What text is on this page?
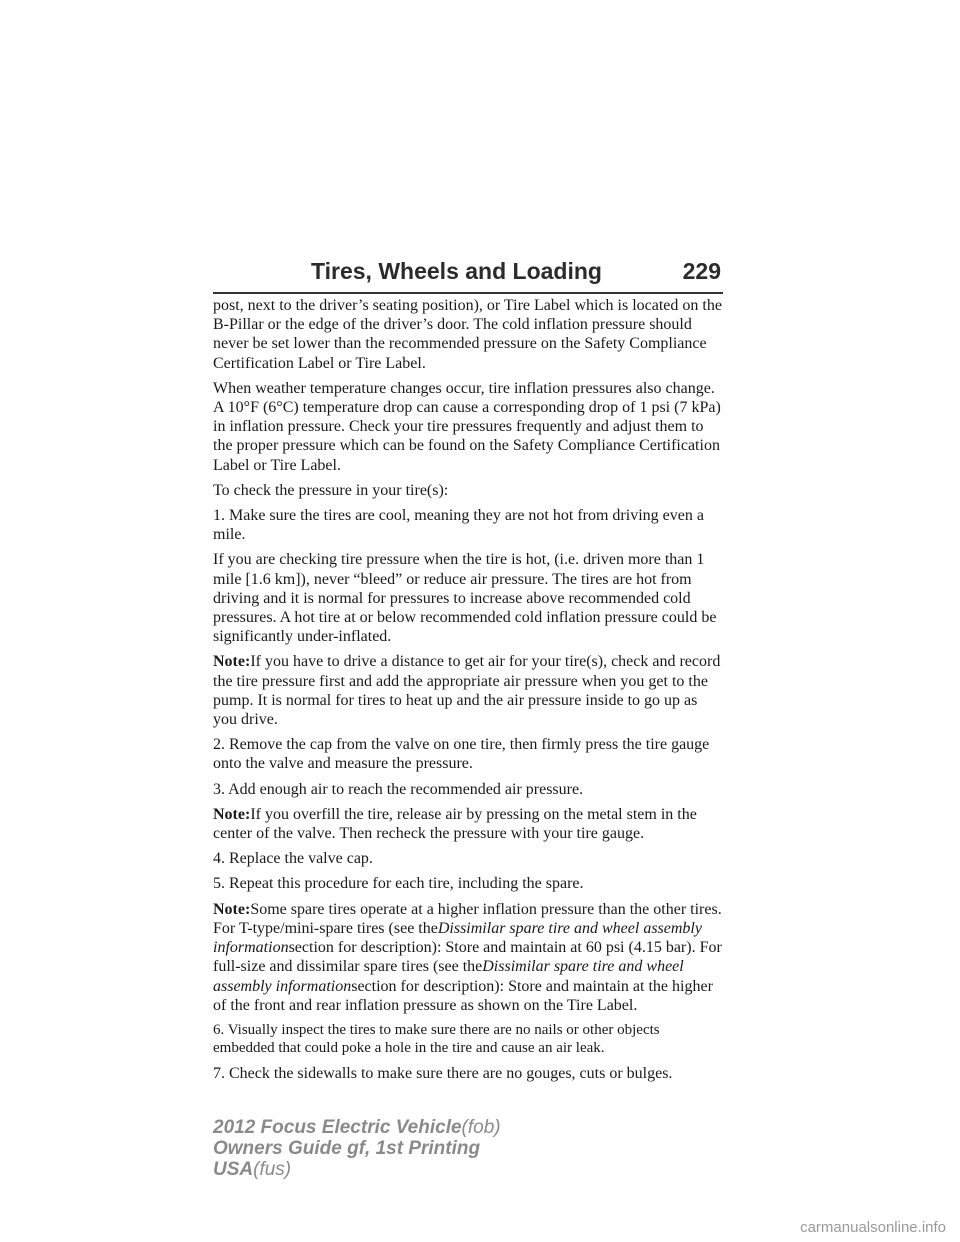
Tires, Wheels and Loading	229

post, next to the driver’s seating position), or Tire Label which is located on the B-Pillar or the edge of the driver’s door. The cold inflation pressure should never be set lower than the recommended pressure on the Safety Compliance Certification Label or Tire Label.

When weather temperature changes occur, tire inflation pressures also change. A 10°F (6°C) temperature drop can cause a corresponding drop of 1 psi (7 kPa) in inflation pressure. Check your tire pressures frequently and adjust them to the proper pressure which can be found on the Safety Compliance Certification Label or Tire Label.

To check the pressure in your tire(s):

1. Make sure the tires are cool, meaning they are not hot from driving even a mile.

If you are checking tire pressure when the tire is hot, (i.e. driven more than 1 mile [1.6 km]), never “bleed” or reduce air pressure. The tires are hot from driving and it is normal for pressures to increase above recommended cold pressures. A hot tire at or below recommended cold inflation pressure could be significantly under-inflated.

Note:If you have to drive a distance to get air for your tire(s), check and record the tire pressure first and add the appropriate air pressure when you get to the pump. It is normal for tires to heat up and the air pressure inside to go up as you drive.

2. Remove the cap from the valve on one tire, then firmly press the tire gauge onto the valve and measure the pressure.

3. Add enough air to reach the recommended air pressure.

Note:If you overfill the tire, release air by pressing on the metal stem in the center of the valve. Then recheck the pressure with your tire gauge.

4. Replace the valve cap.

5. Repeat this procedure for each tire, including the spare.

Note:Some spare tires operate at a higher inflation pressure than the other tires. For T-type/mini-spare tires (see theDissimilar spare tire and wheel assembly informationsection for description): Store and maintain at 60 psi (4.15 bar). For full-size and dissimilar spare tires (see theDissimilar spare tire and wheel assembly informationsection for description): Store and maintain at the higher of the front and rear inflation pressure as shown on the Tire Label.

6. Visually inspect the tires to make sure there are no nails or other objects embedded that could poke a hole in the tire and cause an air leak.

7. Check the sidewalls to make sure there are no gouges, cuts or bulges.

2012 Focus Electric Vehicle(fob)
Owners Guide gf, 1st Printing
USA(fus)
carmanualsonline.info
